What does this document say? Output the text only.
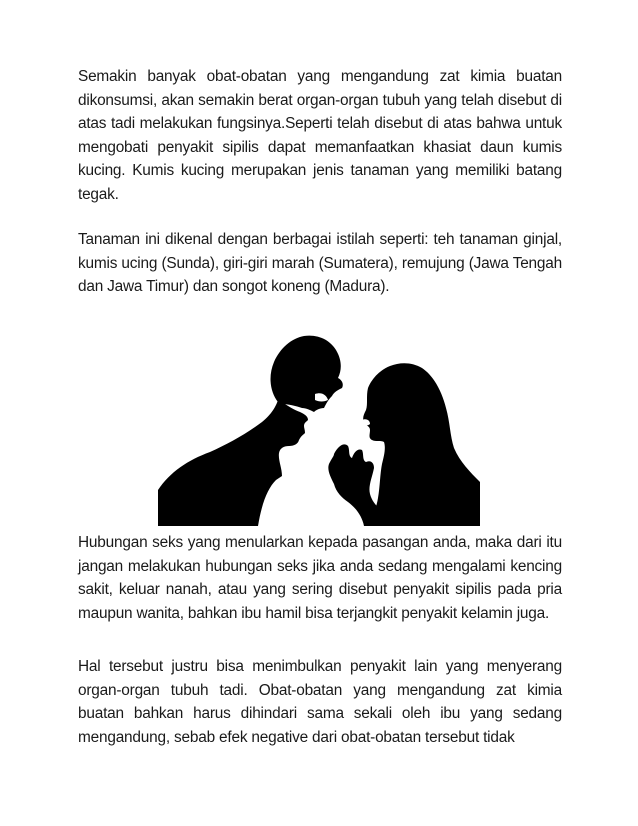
Semakin banyak obat-obatan yang mengandung zat kimia buatan dikonsumsi, akan semakin berat organ-organ tubuh yang telah disebut di atas tadi melakukan fungsinya.Seperti telah disebut di atas bahwa untuk mengobati penyakit sipilis dapat memanfaatkan khasiat daun kumis kucing. Kumis kucing merupakan jenis tanaman yang memiliki batang tegak.

Tanaman ini dikenal dengan berbagai istilah seperti: teh tanaman ginjal, kumis ucing (Sunda), giri-giri marah (Sumatera), remujung (Jawa Tengah dan Jawa Timur) dan songot koneng (Madura).

Hubungan seks yang menularkan kepada pasangan anda, maka dari itu jangan melakukan hubungan seks jika anda sedang mengalami kencing sakit, keluar nanah, atau yang sering disebut penyakit sipilis pada pria maupun wanita, bahkan ibu hamil bisa terjangkit penyakit kelamin juga.

Hal tersebut justru bisa menimbulkan penyakit lain yang menyerang organ-organ tubuh tadi. Obat-obatan yang mengandung zat kimia buatan bahkan harus dihindari sama sekali oleh ibu yang sedang mengandung, sebab efek negative dari obat-obatan tersebut tidak
